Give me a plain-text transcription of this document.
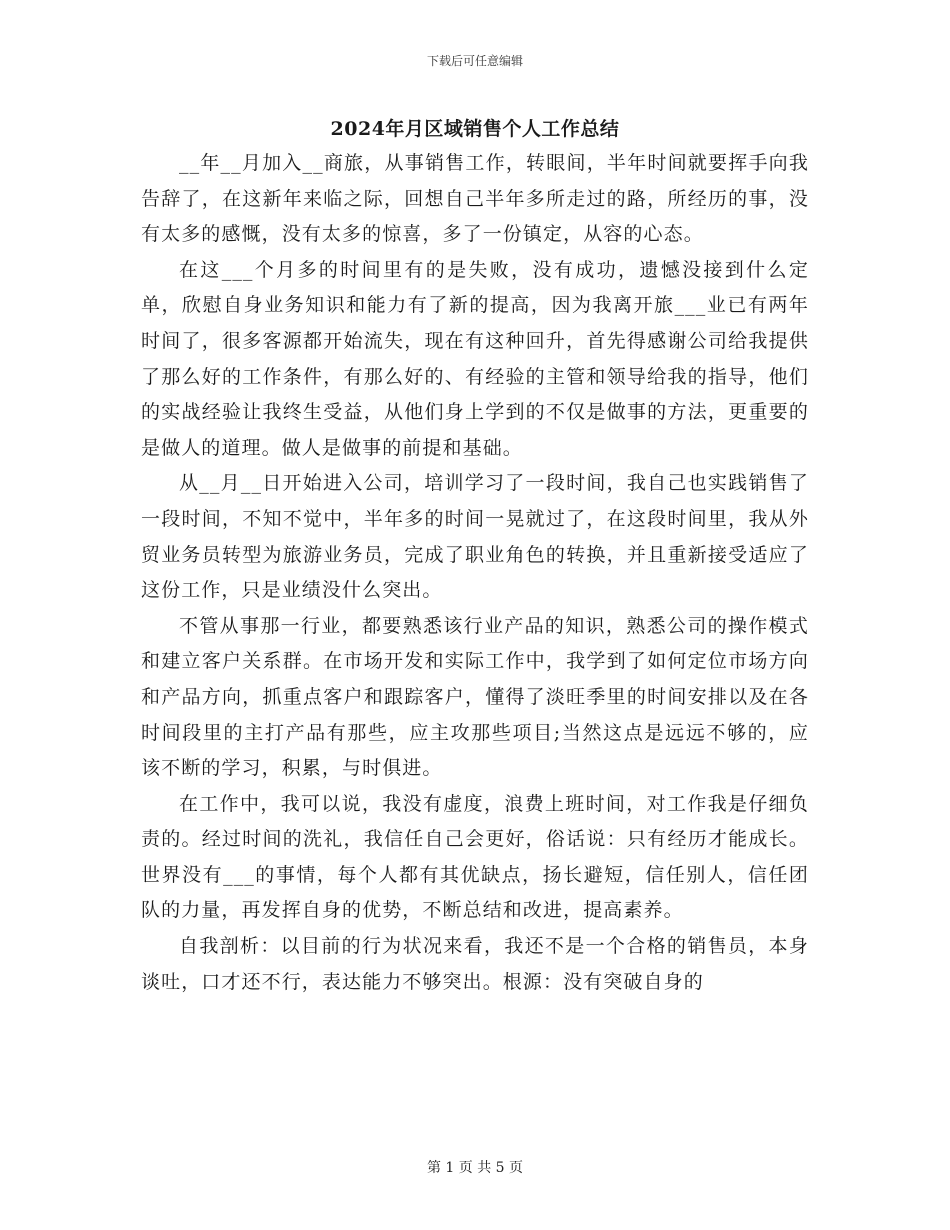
下载后可任意编辑
2024年月区域销售个人工作总结

__年__月加入__商旅，从事销售工作，转眼间，半年时间就要挥手向我告辞了，在这新年来临之际，回想自己半年多所走过的路，所经历的事，没有太多的感慨，没有太多的惊喜，多了一份镇定，从容的心态。

在这___个月多的时间里有的是失败，没有成功，遗憾没接到什么定单，欣慰自身业务知识和能力有了新的提高，因为我离开旅___业已有两年时间了，很多客源都开始流失，现在有这种回升，首先得感谢公司给我提供了那么好的工作条件，有那么好的、有经验的主管和领导给我的指导，他们的实战经验让我终生受益，从他们身上学到的不仅是做事的方法，更重要的是做人的道理。做人是做事的前提和基础。

从__月__日开始进入公司，培训学习了一段时间，我自己也实践销售了一段时间，不知不觉中，半年多的时间一晃就过了，在这段时间里，我从外贸业务员转型为旅游业务员，完成了职业角色的转换，并且重新接受适应了这份工作，只是业绩没什么突出。

不管从事那一行业，都要熟悉该行业产品的知识，熟悉公司的操作模式和建立客户关系群。在市场开发和实际工作中，我学到了如何定位市场方向和产品方向，抓重点客户和跟踪客户，懂得了淡旺季里的时间安排以及在各时间段里的主打产品有那些，应主攻那些项目;当然这点是远远不够的，应该不断的学习，积累，与时俱进。

在工作中，我可以说，我没有虚度，浪费上班时间，对工作我是仔细负责的。经过时间的洗礼，我信任自己会更好，俗话说：只有经历才能成长。世界没有___的事情，每个人都有其优缺点，扬长避短，信任别人，信任团队的力量，再发挥自身的优势，不断总结和改进，提高素养。

自我剖析：以目前的行为状况来看，我还不是一个合格的销售员，本身谈吐，口才还不行，表达能力不够突出。根源：没有突破自身的

第 1 页 共 5 页
